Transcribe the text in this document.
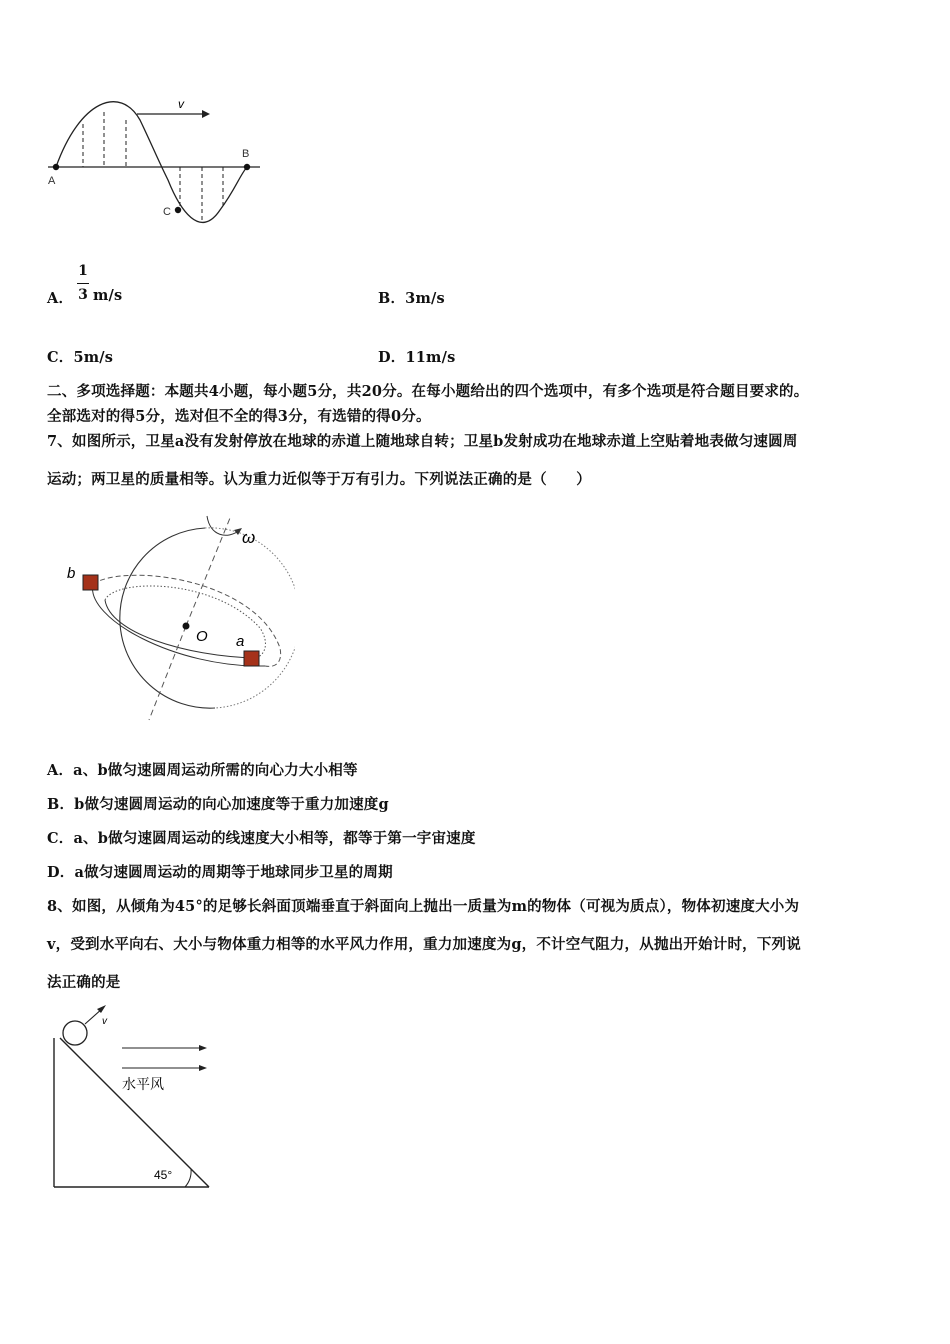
v
A
B
C
A．
1
3 m/s	B．3m/s
C．5m/s	D．11m/s
二、多项选择题：本题共4小题，每小题5分，共20分。在每小题给出的四个选项中，有多个选项是符合题目要求的。
全部选对的得5分，选对但不全的得3分，有选错的得0分。
7、如图所示，卫星a没有发射停放在地球的赤道上随地球自转；卫星b发射成功在地球赤道上空贴着地表做匀速圆周
运动；两卫星的质量相等。认为重力近似等于万有引力。下列说法正确的是（　　）
ω
O
b
a
A．a、b做匀速圆周运动所需的向心力大小相等
B．b做匀速圆周运动的向心加速度等于重力加速度g
C．a、b做匀速圆周运动的线速度大小相等，都等于第一宇宙速度
D．a做匀速圆周运动的周期等于地球同步卫星的周期
8、如图，从倾角为45°的足够长斜面顶端垂直于斜面向上抛出一质量为m的物体（可视为质点），物体初速度大小为
v，受到水平向右、大小与物体重力相等的水平风力作用，重力加速度为g，不计空气阻力，从抛出开始计时，下列说
法正确的是
v
水平风
45°
